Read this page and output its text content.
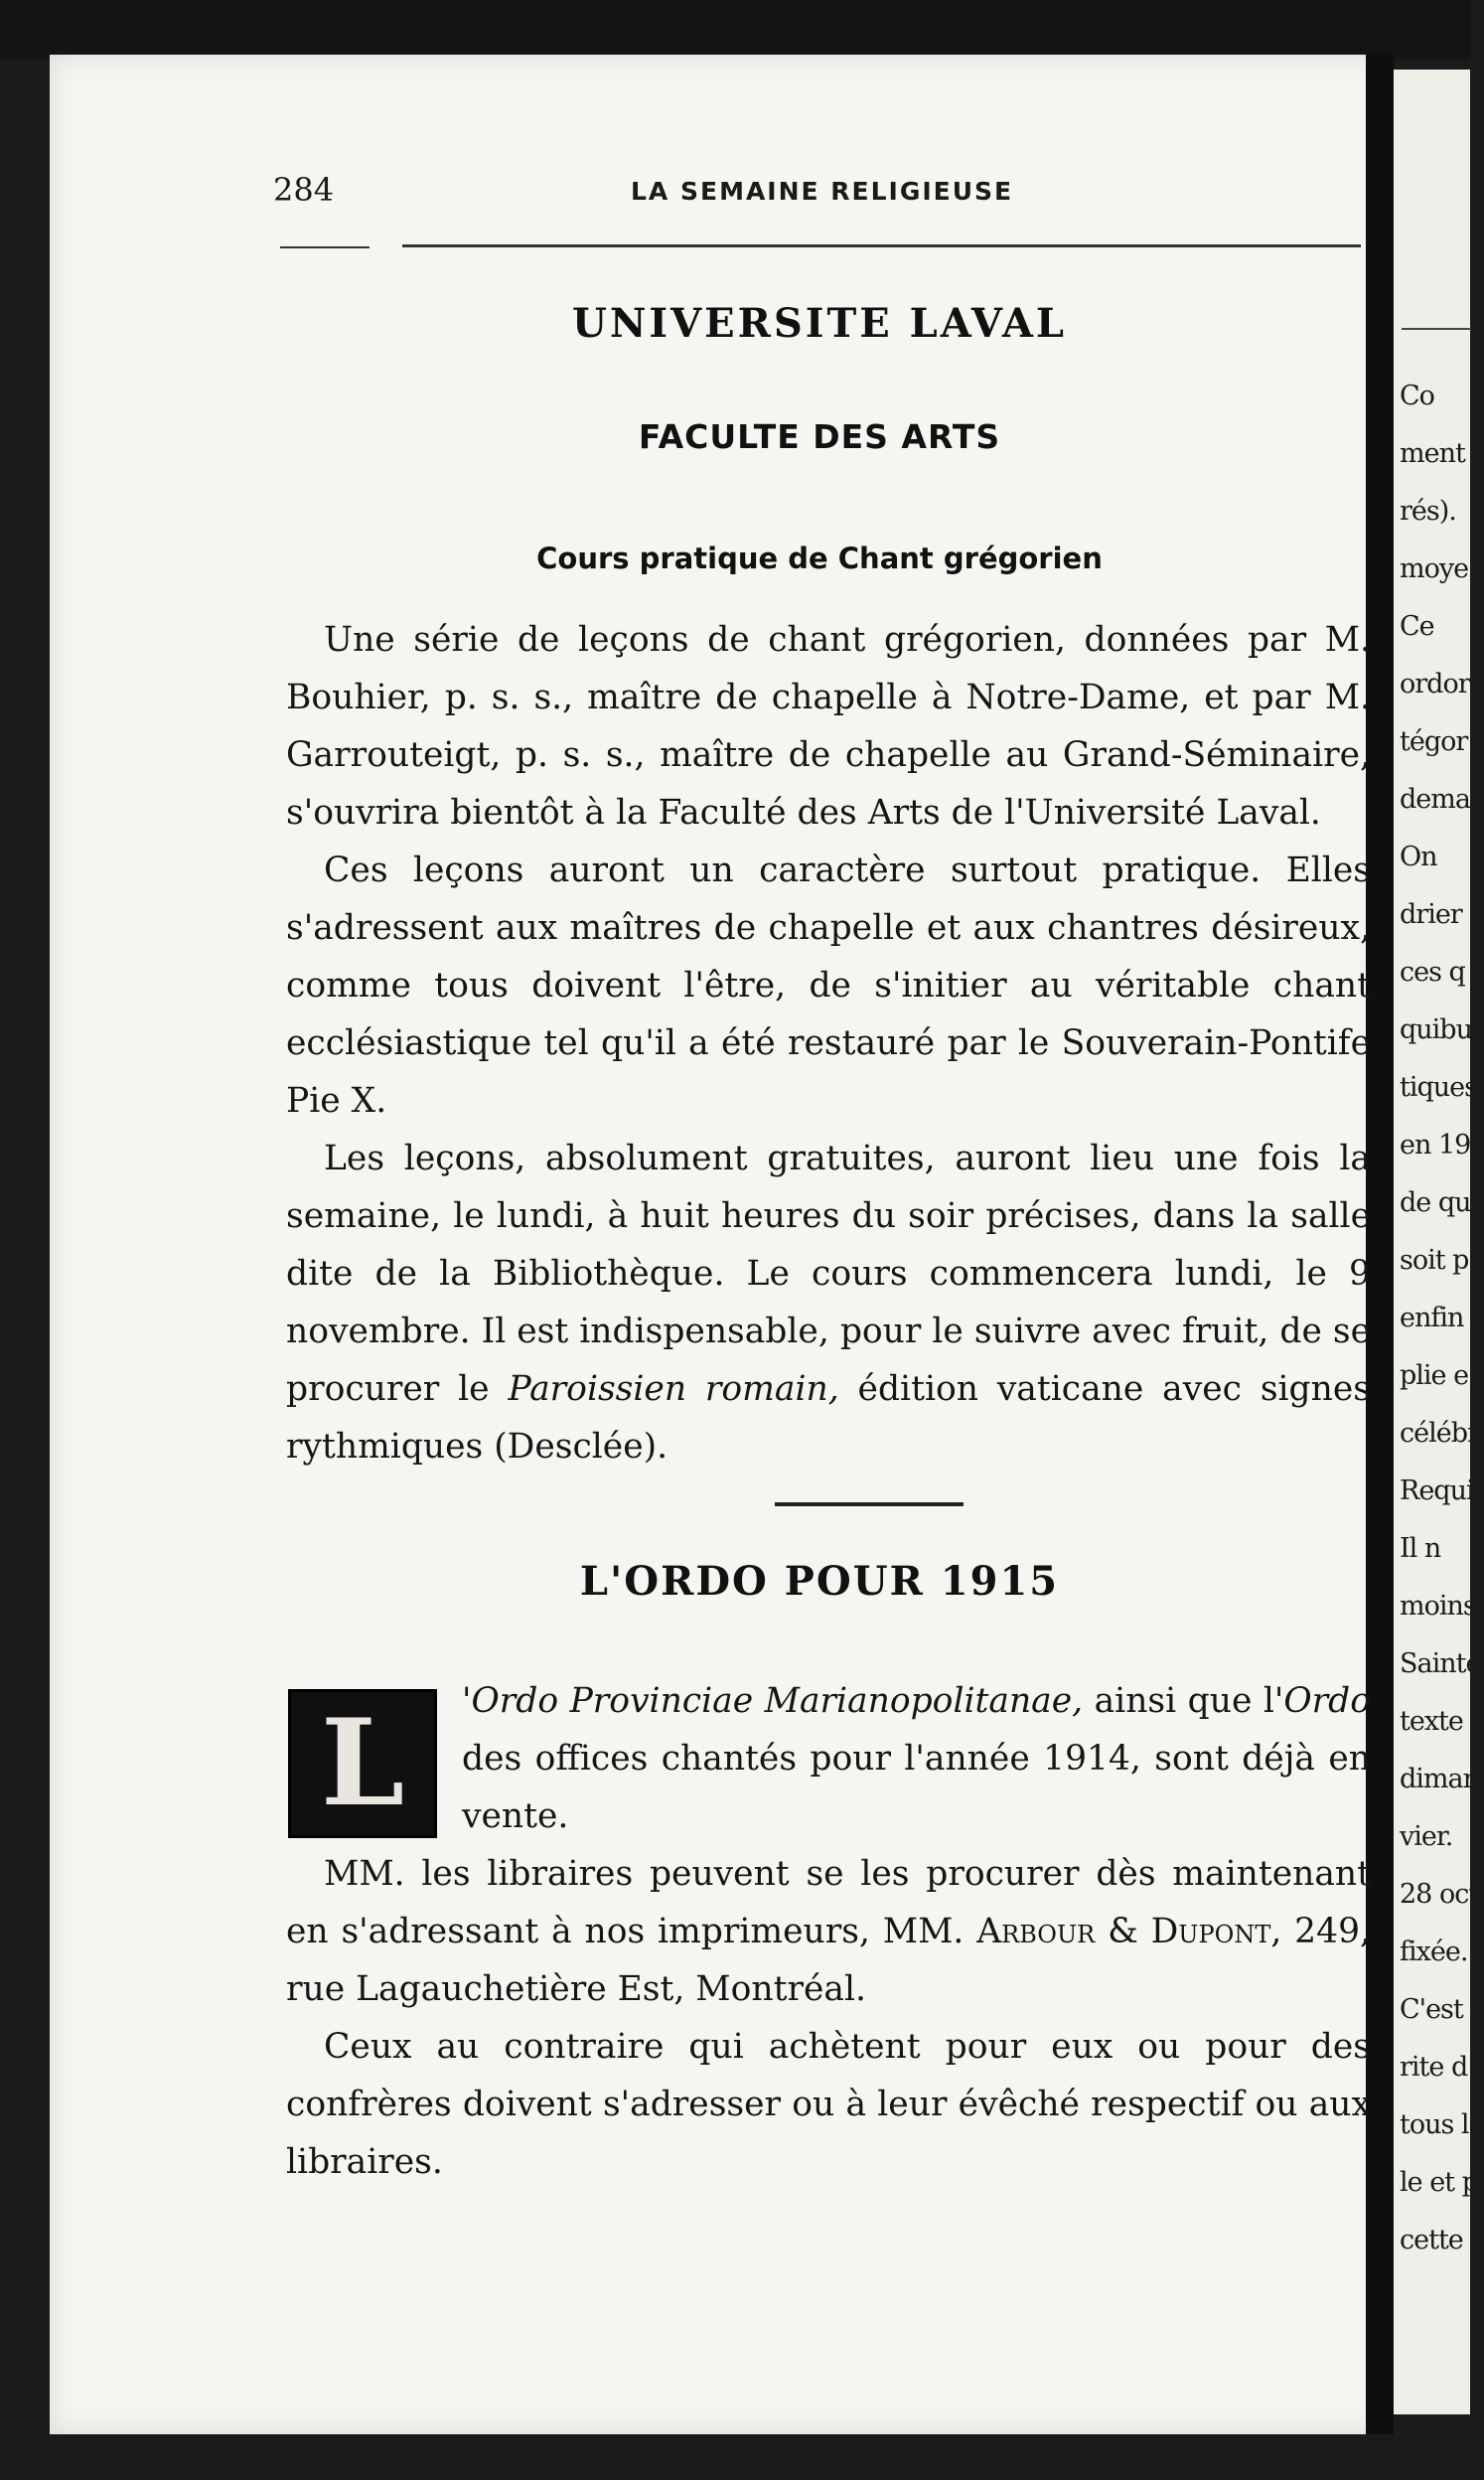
Co
ment
rés).
moye
Ce
ordor
tégor
dema
On
drier
ces q
quibu
tiques
en 19
de qu
soit p
enfin
plie e
célébr
Requi
Il n
moins
Sainte
texte
diman
vier.
28 oct
fixée.
C'est
rite d
tous le
le et p
cette
284	LA SEMAINE RELIGIEUSE
UNIVERSITE LAVAL
FACULTE DES ARTS
Cours pratique de Chant grégorien

Une série de leçons de chant grégorien, données par M. Bouhier, p. s. s., maître de chapelle à Notre-Dame, et par M. Garrouteigt, p. s. s., maître de chapelle au Grand-Séminaire, s'ouvrira bientôt à la Faculté des Arts de l'Université Laval.

Ces leçons auront un caractère surtout pratique. Elles s'adressent aux maîtres de chapelle et aux chantres désireux, comme tous doivent l'être, de s'initier au véritable chant ecclésiastique tel qu'il a été restauré par le Souverain-Pontife Pie X.

Les leçons, absolument gratuites, auront lieu une fois la semaine, le lundi, à huit heures du soir précises, dans la salle dite de la Bibliothèque. Le cours commencera lundi, le 9 novembre. Il est indispensable, pour le suivre avec fruit, de se procurer le Paroissien romain, édition vaticane avec signes rythmiques (Desclée).

L'ORDO POUR 1915
L 'Ordo Provinciae Marianopolitanae, ainsi que l'Ordo des offices chantés pour l'année 1914, sont déjà en vente.

MM. les libraires peuvent se les procurer dès maintenant en s'adressant à nos imprimeurs, MM. Arbour & Dupont, 249, rue Lagauchetière Est, Montréal.

Ceux au contraire qui achètent pour eux ou pour des confrères doivent s'adresser ou à leur évêché respectif ou aux libraires.
